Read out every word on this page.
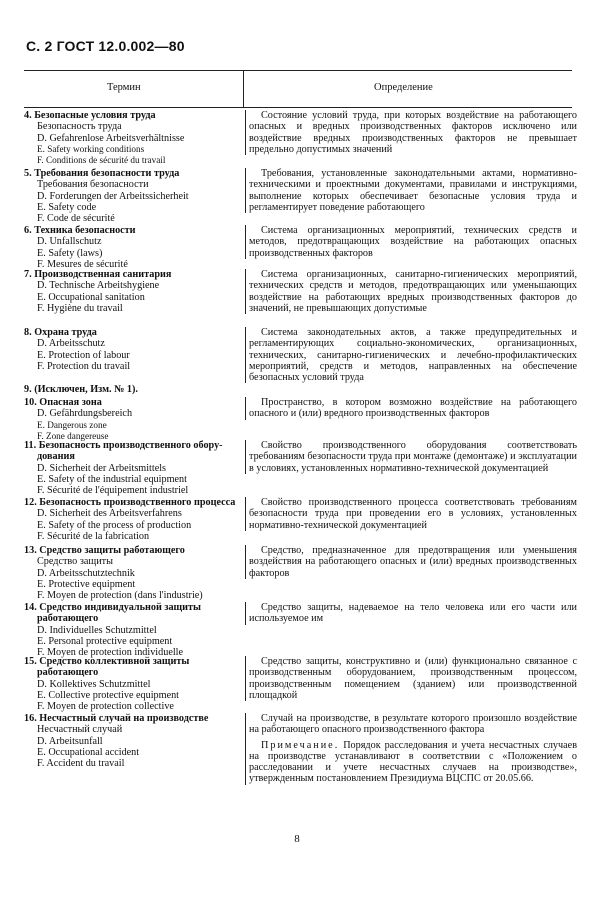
С. 2 ГОСТ 12.0.002—80
Термин	Определение
4. Безопасные условия труда
Безопасность труда
D. Gefahrenlose Arbeitsverhältnisse
E. Safety working conditions
F. Conditions de sécurité du travail

Состояние условий труда, при которых воздействие на работающего опасных и вредных производственных факторов исключено или воздействие вредных производственных факторов не превышает предельно допустимых значений

5. Требования безопасности труда
Требования безопасности
D. Forderungen der Arbeitssicherheit
E. Safety code
F. Code de sécurité

Требования, установленные законодательными актами, нормативно-техническими и проектными документами, правилами и инструкциями, выполнение которых обеспечивает безопасные условия труда и регламентирует поведение работающего

6. Техника безопасности
D. Unfallschutz
E. Safety (laws)
F. Mesures de sécurité

Система организационных мероприятий, технических средств и методов, предотвращающих воздействие на работающих опасных производственных факторов

7. Производственная санитария
D. Technische Arbeitshygiene
E. Occupational sanitation
F. Hygiène du travail

Система организационных, санитарно-гигиенических мероприятий, технических средств и методов, предотвращающих или уменьшающих воздействие на работающих вредных производственных факторов до значений, не превышающих допустимые

8. Охрана труда
D. Arbeitsschutz
E. Protection of labour
F. Protection du travail

Система законодательных актов, а также предупредительных и регламентирующих социально-экономических, организационных, технических, санитарно-гигиенических и лечебно-профилактических мероприятий, средств и методов, направленных на обеспечение безопасных условий труда

9. (Исключен, Изм. № 1).
10. Опасная зона
D. Gefährdungsbereich
E. Dangerous zone
F. Zone dangereuse

Пространство, в котором возможно воздействие на работающего опасного и (или) вредного производственных факторов

11. Безопасность производственного обору-
дования
D. Sicherheit der Arbeitsmittels
E. Safety of the industrial equipment
F. Sécurité de l'équipement industriel

Свойство производственного оборудования соответствовать требованиям безопасности труда при монтаже (демонтаже) и эксплуатации в условиях, установленных нормативно-технической документацией

12. Безопасность производственного процесса
D. Sicherheit des Arbeitsverfahrens
E. Safety of the process of production
F. Sécurité de la fabrication

Свойство производственного процесса соответствовать требованиям безопасности труда при проведении его в условиях, установленных нормативно-технической документацией

13. Средство защиты работающего
Средство защиты
D. Arbeitsschutztechnik
E. Protective equipment
F. Moyen de protection (dans l'industrie)

Средство, предназначенное для предотвращения или уменьшения воздействия на работающего опасных и (или) вредных производственных факторов

14. Средство индивидуальной защиты
работающего
D. Individuelles Schutzmittel
E. Personal protective equipment
F. Moyen de protection individuelle

Средство защиты, надеваемое на тело человека или его части или используемое им

15. Средство коллективной защиты
работающего
D. Kollektives Schutzmittel
E. Collective protective equipment
F. Moyen de protection collective

Средство защиты, конструктивно и (или) функционально связанное с производственным оборудованием, производственным процессом, производственным помещением (зданием) или производственной площадкой

16. Несчастный случай на производстве
Несчастный случай
D. Arbeitsunfall
E. Occupational accident
F. Accident du travail

Случай на производстве, в результате которого произошло воздействие на работающего опасного производственного фактора

Примечание. Порядок расследования и учета несчастных случаев на производстве устанавливают в соответствии с «Положением о расследовании и учете несчастных случаев на производстве», утвержденным постановлением Президиума ВЦСПС от 20.05.66.

8
